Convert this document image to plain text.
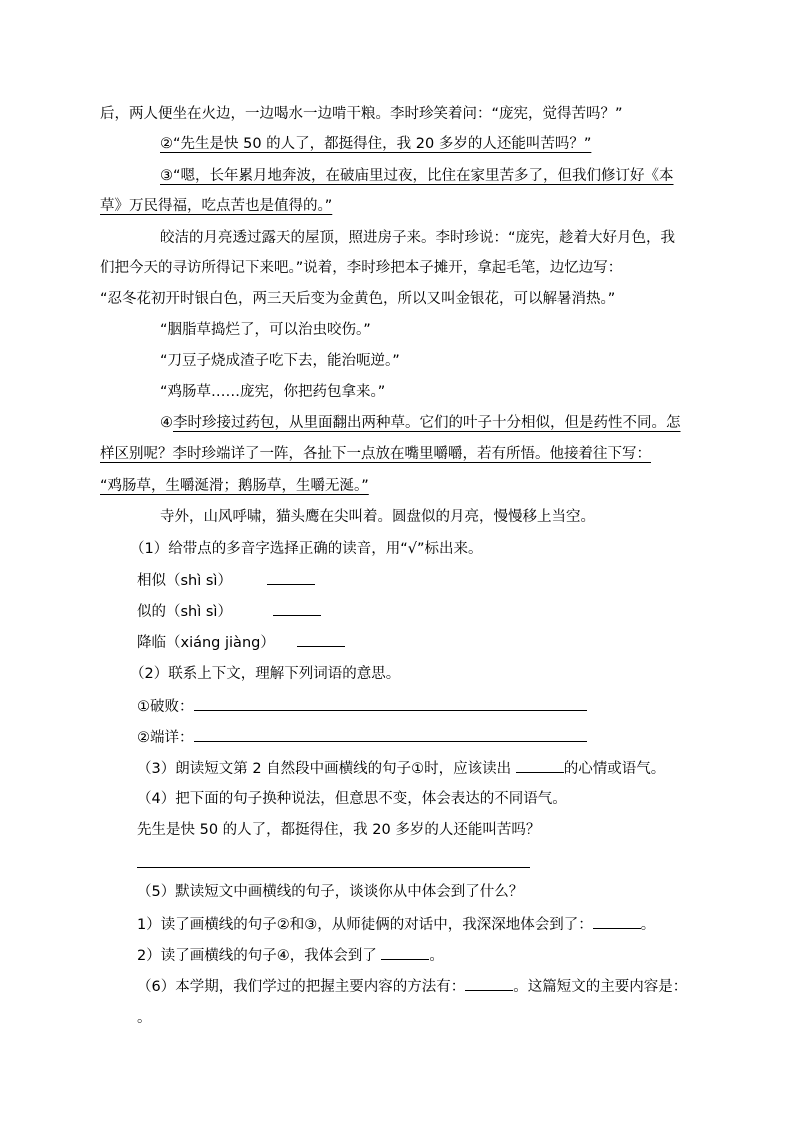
后，两人便坐在火边，一边喝水一边啃干粮。李时珍笑着问：“庞宪，觉得苦吗？”
②“先生是快 50 的人了，都挺得住，我 20 多岁的人还能叫苦吗？”
③“嗯，长年累月地奔波，在破庙里过夜，比住在家里苦多了，但我们修订好《本
草》万民得福，吃点苦也是值得的。”
皎洁的月亮透过露天的屋顶，照进房子来。李时珍说：“庞宪，趁着大好月色，我
们把今天的寻访所得记下来吧。”说着，李时珍把本子摊开，拿起毛笔，边忆边写：
“忍冬花初开时银白色，两三天后变为金黄色，所以又叫金银花，可以解暑消热。”
“胭脂草捣烂了，可以治虫咬伤。”
“刀豆子烧成渣子吃下去，能治呃逆。”
“鸡肠草……庞宪，你把药包拿来。”
④李时珍接过药包，从里面翻出两种草。它们的叶子十分相似，但是药性不同。怎
样区别呢？李时珍端详了一阵，各扯下一点放在嘴里嚼嚼，若有所悟。他接着往下写：
“鸡肠草，生嚼涎滑；鹅肠草，生嚼无涎。”
寺外，山风呼啸，猫头鹰在尖叫着。圆盘似的月亮，慢慢移上当空。
（1）给带点的多音字选择正确的读音，用“√”标出来。
相似（shì sì）
似的（shì sì）
降临（xiáng jiàng）
（2）联系上下文，理解下列词语的意思。
①破败：
②端详：
（3）朗读短文第 2 自然段中画横线的句子①时，应该读出	的心情或语气。
（4）把下面的句子换种说法，但意思不变，体会表达的不同语气。
先生是快 50 的人了，都挺得住，我 20 多岁的人还能叫苦吗？
（5）默读短文中画横线的句子，谈谈你从中体会到了什么？
1）读了画横线的句子②和③，从师徒俩的对话中，我深深地体会到了：	。
2）读了画横线的句子④，我体会到了	。
（6）本学期，我们学过的把握主要内容的方法有：	。这篇短文的主要内容是：
。
